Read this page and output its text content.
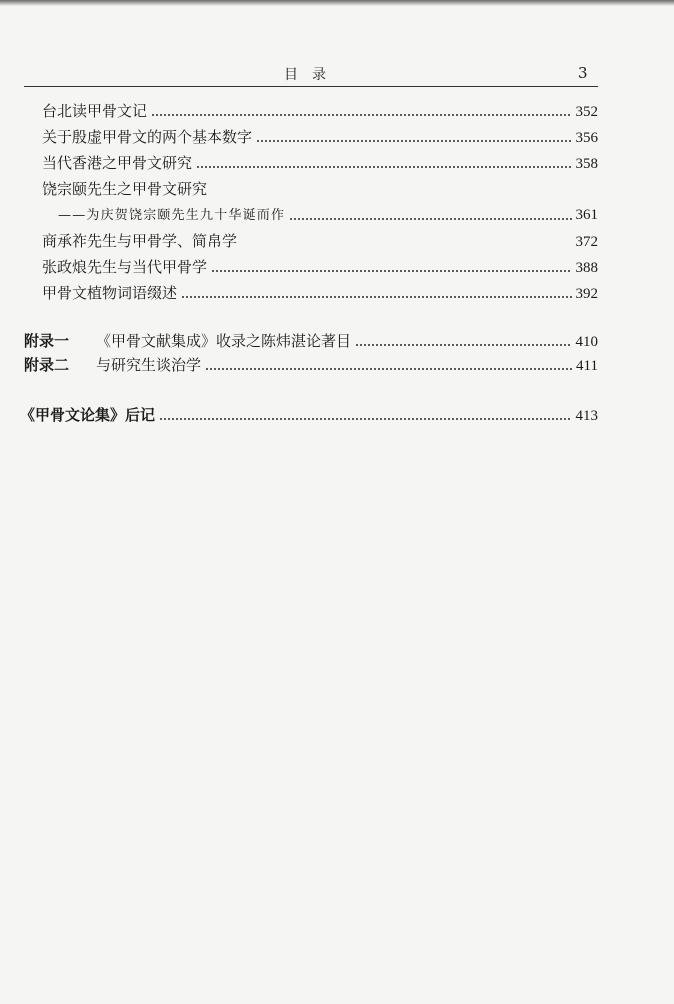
目录	3
台北读甲骨文记	352
关于殷虚甲骨文的两个基本数字	356
当代香港之甲骨文研究	358
饶宗颐先生之甲骨文研究
——为庆贺饶宗颐先生九十华诞而作	361
商承祚先生与甲骨学、简帛学	372
张政烺先生与当代甲骨学	388
甲骨文植物词语缀述	392
附录一	《甲骨文献集成》收录之陈炜湛论著目	410
附录二	与研究生谈治学	411
《甲骨文论集》后记	413
